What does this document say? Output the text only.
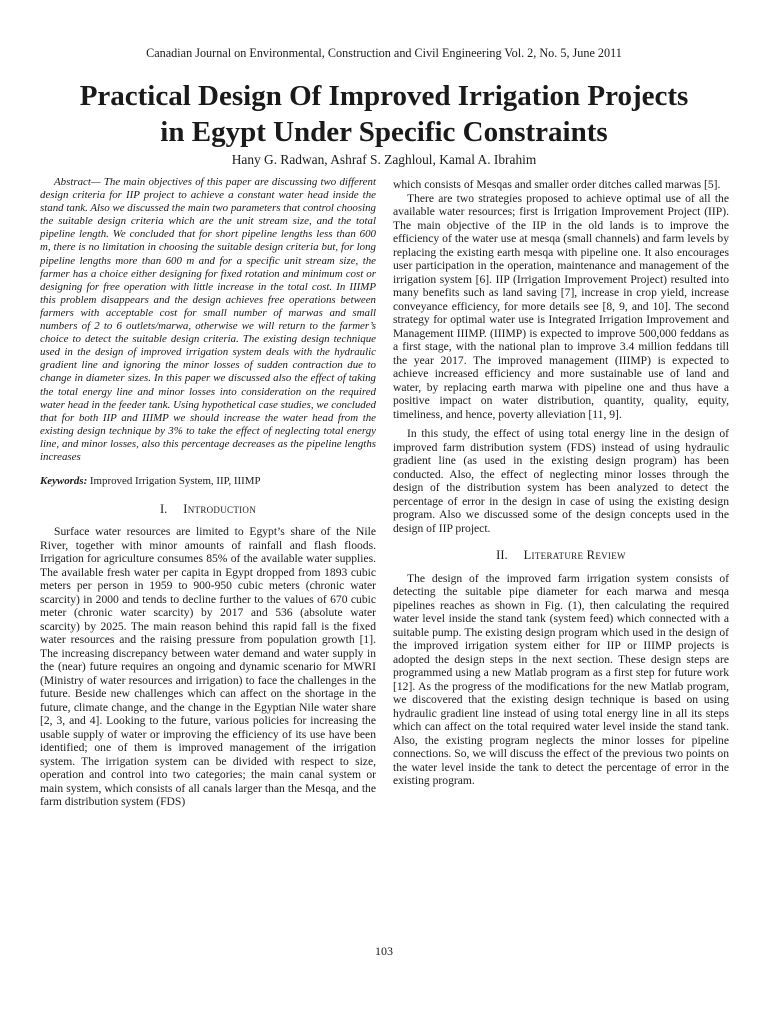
Canadian Journal on Environmental, Construction and Civil Engineering Vol. 2, No. 5, June 2011
Practical Design Of Improved Irrigation Projects
in Egypt Under Specific Constraints
Hany G. Radwan, Ashraf S. Zaghloul, Kamal A. Ibrahim

Abstract— The main objectives of this paper are discussing two different design criteria for IIP project to achieve a constant water head inside the stand tank. Also we discussed the main two parameters that control choosing the suitable design criteria which are the unit stream size, and the total pipeline length. We concluded that for short pipeline lengths less than 600 m, there is no limitation in choosing the suitable design criteria but, for long pipeline lengths more than 600 m and for a specific unit stream size, the farmer has a choice either designing for fixed rotation and minimum cost or designing for free operation with little increase in the total cost. In IIIMP this problem disappears and the design achieves free operations between farmers with acceptable cost for small number of marwas and small numbers of 2 to 6 outlets/marwa, otherwise we will return to the farmer’s choice to detect the suitable design criteria. The existing design technique used in the design of improved irrigation system deals with the hydraulic gradient line and ignoring the minor losses of sudden contraction due to change in diameter sizes. In this paper we discussed also the effect of taking the total energy line and minor losses into consideration on the required water head in the feeder tank. Using hypothetical case studies, we concluded that for both IIP and IIIMP we should increase the water head from the existing design technique by 3% to take the effect of neglecting total energy line, and minor losses, also this percentage decreases as the pipeline lengths increases

Keywords: Improved Irrigation System, IIP, IIIMP

I. Introduction

Surface water resources are limited to Egypt’s share of the Nile River, together with minor amounts of rainfall and flash floods. Irrigation for agriculture consumes 85% of the available water supplies. The available fresh water per capita in Egypt dropped from 1893 cubic meters per person in 1959 to 900-950 cubic meters (chronic water scarcity) in 2000 and tends to decline further to the values of 670 cubic meter (chronic water scarcity) by 2017 and 536 (absolute water scarcity) by 2025. The main reason behind this rapid fall is the fixed water resources and the raising pressure from population growth [1]. The increasing discrepancy between water demand and water supply in the (near) future requires an ongoing and dynamic scenario for MWRI (Ministry of water resources and irrigation) to face the challenges in the future. Beside new challenges which can affect on the shortage in the future, climate change, and the change in the Egyptian Nile water share [2, 3, and 4]. Looking to the future, various policies for increasing the usable supply of water or improving the efficiency of its use have been identified; one of them is improved management of the irrigation system. The irrigation system can be divided with respect to size, operation and control into two categories; the main canal system or main system, which consists of all canals larger than the Mesqa, and the farm distribution system (FDS)

which consists of Mesqas and smaller order ditches called marwas [5].

There are two strategies proposed to achieve optimal use of all the available water resources; first is Irrigation Improvement Project (IIP). The main objective of the IIP in the old lands is to improve the efficiency of the water use at mesqa (small channels) and farm levels by replacing the existing earth mesqa with pipeline one. It also encourages user participation in the operation, maintenance and management of the irrigation system [6]. IIP (Irrigation Improvement Project) resulted into many benefits such as land saving [7], increase in crop yield, increase conveyance efficiency, for more details see [8, 9, and 10]. The second strategy for optimal water use is Integrated Irrigation Improvement and Management IIIMP. (IIIMP) is expected to improve 500,000 feddans as a first stage, with the national plan to improve 3.4 million feddans till the year 2017. The improved management (IIIMP) is expected to achieve increased efficiency and more sustainable use of land and water, by replacing earth marwa with pipeline one and thus have a positive impact on water distribution, quantity, quality, equity, timeliness, and hence, poverty alleviation [11, 9].

In this study, the effect of using total energy line in the design of improved farm distribution system (FDS) instead of using hydraulic gradient line (as used in the existing design program) has been conducted. Also, the effect of neglecting minor losses through the design of the distribution system has been analyzed to detect the percentage of error in the design in case of using the existing design program. Also we discussed some of the design concepts used in the design of IIP project.

II. Literature Review

The design of the improved farm irrigation system consists of detecting the suitable pipe diameter for each marwa and mesqa pipelines reaches as shown in Fig. (1), then calculating the required water level inside the stand tank (system feed) which connected with a suitable pump. The existing design program which used in the design of the improved irrigation system either for IIP or IIIMP projects is adopted the design steps in the next section. These design steps are programmed using a new Matlab program as a first step for future work [12]. As the progress of the modifications for the new Matlab program, we discovered that the existing design technique is based on using hydraulic gradient line instead of using total energy line in all its steps which can affect on the total required water level inside the stand tank. Also, the existing program neglects the minor losses for pipeline connections. So, we will discuss the effect of the previous two points on the water level inside the tank to detect the percentage of error in the existing program.

103
